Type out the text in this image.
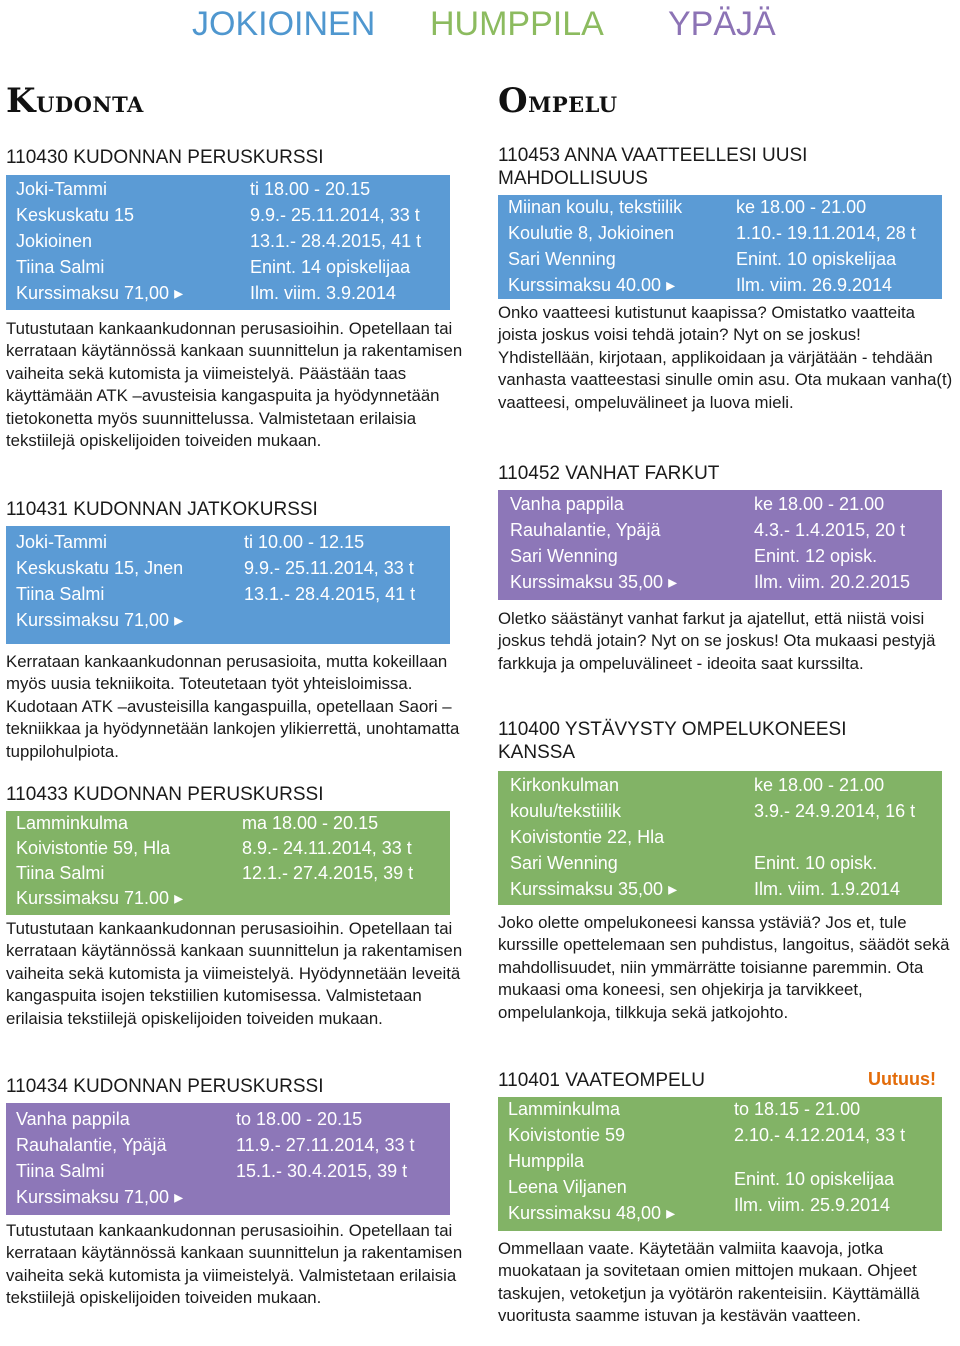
JOKIOINEN HUMPPILA YPÄJÄ
Kudonta
110430 KUDONNAN PERUSKURSSI
Joki-Tammi
Keskuskatu 15
Jokioinen
Tiina Salmi
Kurssimaksu 71,00 ▸
ti 18.00 - 20.15
9.9.- 25.11.2014, 33 t
13.1.- 28.4.2015, 41 t
Enint. 14 opiskelijaa
Ilm. viim. 3.9.2014
Tutustutaan kankaankudonnan perusasioihin. Opetellaan tai kerrataan käytännössä kankaan suunnittelun ja rakentamisen vaiheita sekä kutomista ja viimeistelyä. Päästään taas käyttämään ATK –avusteisia kangaspuita ja hyödynnetään tietokonetta myös suunnittelussa. Valmistetaan erilaisia tekstiilejä opiskelijoiden toiveiden mukaan.
110431 KUDONNAN JATKOKURSSI
Joki-Tammi
Keskuskatu 15, Jnen
Tiina Salmi
Kurssimaksu 71,00 ▸
ti 10.00 - 12.15
9.9.- 25.11.2014, 33 t
13.1.- 28.4.2015, 41 t
Kerrataan kankaankudonnan perusasioita, mutta kokeillaan myös uusia tekniikoita. Toteutetaan työt yhteisloimissa. Kudotaan ATK –avusteisilla kangaspuilla, opetellaan Saori –tekniikkaa ja hyödynnetään lankojen ylikierrettä, unohtamatta tuppilohulpiota.
110433 KUDONNAN PERUSKURSSI
Lamminkulma
Koivistontie 59, Hla
Tiina Salmi
Kurssimaksu 71.00 ▸
ma 18.00 - 20.15
8.9.- 24.11.2014, 33 t
12.1.- 27.4.2015, 39 t
Tutustutaan kankaankudonnan perusasioihin. Opetellaan tai kerrataan käytännössä kankaan suunnittelun ja rakentamisen vaiheita sekä kutomista ja viimeistelyä. Hyödynnetään leveitä kangaspuita isojen tekstiilien kutomisessa. Valmistetaan erilaisia tekstiilejä opiskelijoiden toiveiden mukaan.
110434 KUDONNAN PERUSKURSSI
Vanha pappila
Rauhalantie, Ypäjä
Tiina Salmi
Kurssimaksu 71,00 ▸
to 18.00 - 20.15
11.9.- 27.11.2014, 33 t
15.1.- 30.4.2015, 39 t
Tutustutaan kankaankudonnan perusasioihin. Opetellaan tai kerrataan käytännössä kankaan suunnittelun ja rakentamisen vaiheita sekä kutomista ja viimeistelyä. Valmistetaan erilaisia tekstiilejä opiskelijoiden toiveiden mukaan.
Ompelu
110453 ANNA VAATTEELLESI UUSI MAHDOLLISUUS
Miinan koulu, tekstiilik
Koulutie 8, Jokioinen
Sari Wenning
Kurssimaksu 40.00 ▸
ke 18.00 - 21.00
1.10.- 19.11.2014, 28 t
Enint. 10 opiskelijaa
Ilm. viim. 26.9.2014
Onko vaatteesi kutistunut kaapissa? Omistatko vaatteita joista joskus voisi tehdä jotain? Nyt on se joskus! Yhdistellään, kirjotaan, applikoidaan ja värjätään - tehdään vanhasta vaatteestasi sinulle omin asu. Ota mukaan vanha(t) vaatteesi, ompeluvälineet ja luova mieli.
110452 VANHAT FARKUT
Vanha pappila
Rauhalantie, Ypäjä
Sari Wenning
Kurssimaksu 35,00 ▸
ke 18.00 - 21.00
4.3.- 1.4.2015, 20 t
Enint. 12 opisk.
Ilm. viim. 20.2.2015
Oletko säästänyt vanhat farkut ja ajatellut, että niistä voisi joskus tehdä jotain? Nyt on se joskus! Ota mukaasi pestyjä farkkuja ja ompeluvälineet - ideoita saat kurssilta.
110400 YSTÄVYSTY OMPELUKONEESI KANSSA
Kirkonkulman
koulu/tekstiilik
Koivistontie 22, Hla
Sari Wenning
Kurssimaksu 35,00 ▸
ke 18.00 - 21.00
3.9.- 24.9.2014, 16 t
Enint. 10 opisk.
Ilm. viim. 1.9.2014
Joko olette ompelukoneesi kanssa ystäviä? Jos et, tule kurssille opettelemaan sen puhdistus, langoitus, säädöt sekä mahdollisuudet, niin ymmärrätte toisianne paremmin. Ota mukaasi oma koneesi, sen ohjekirja ja tarvikkeet, ompelulankoja, tilkkuja sekä jatkojohto.
110401 VAATEOMPELU	Uutuus!
Lamminkulma
Koivistontie 59
Humppila
Leena Viljanen
Kurssimaksu 48,00 ▸
to 18.15 - 21.00
2.10.- 4.12.2014, 33 t
Enint. 10 opiskelijaa
Ilm. viim. 25.9.2014
Ommellaan vaate. Käytetään valmiita kaavoja, jotka muokataan ja sovitetaan omien mittojen mukaan. Ohjeet taskujen, vetoketjun ja vyötärön rakenteisiin. Käyttämällä vuoritusta saamme istuvan ja kestävän vaatteen.
